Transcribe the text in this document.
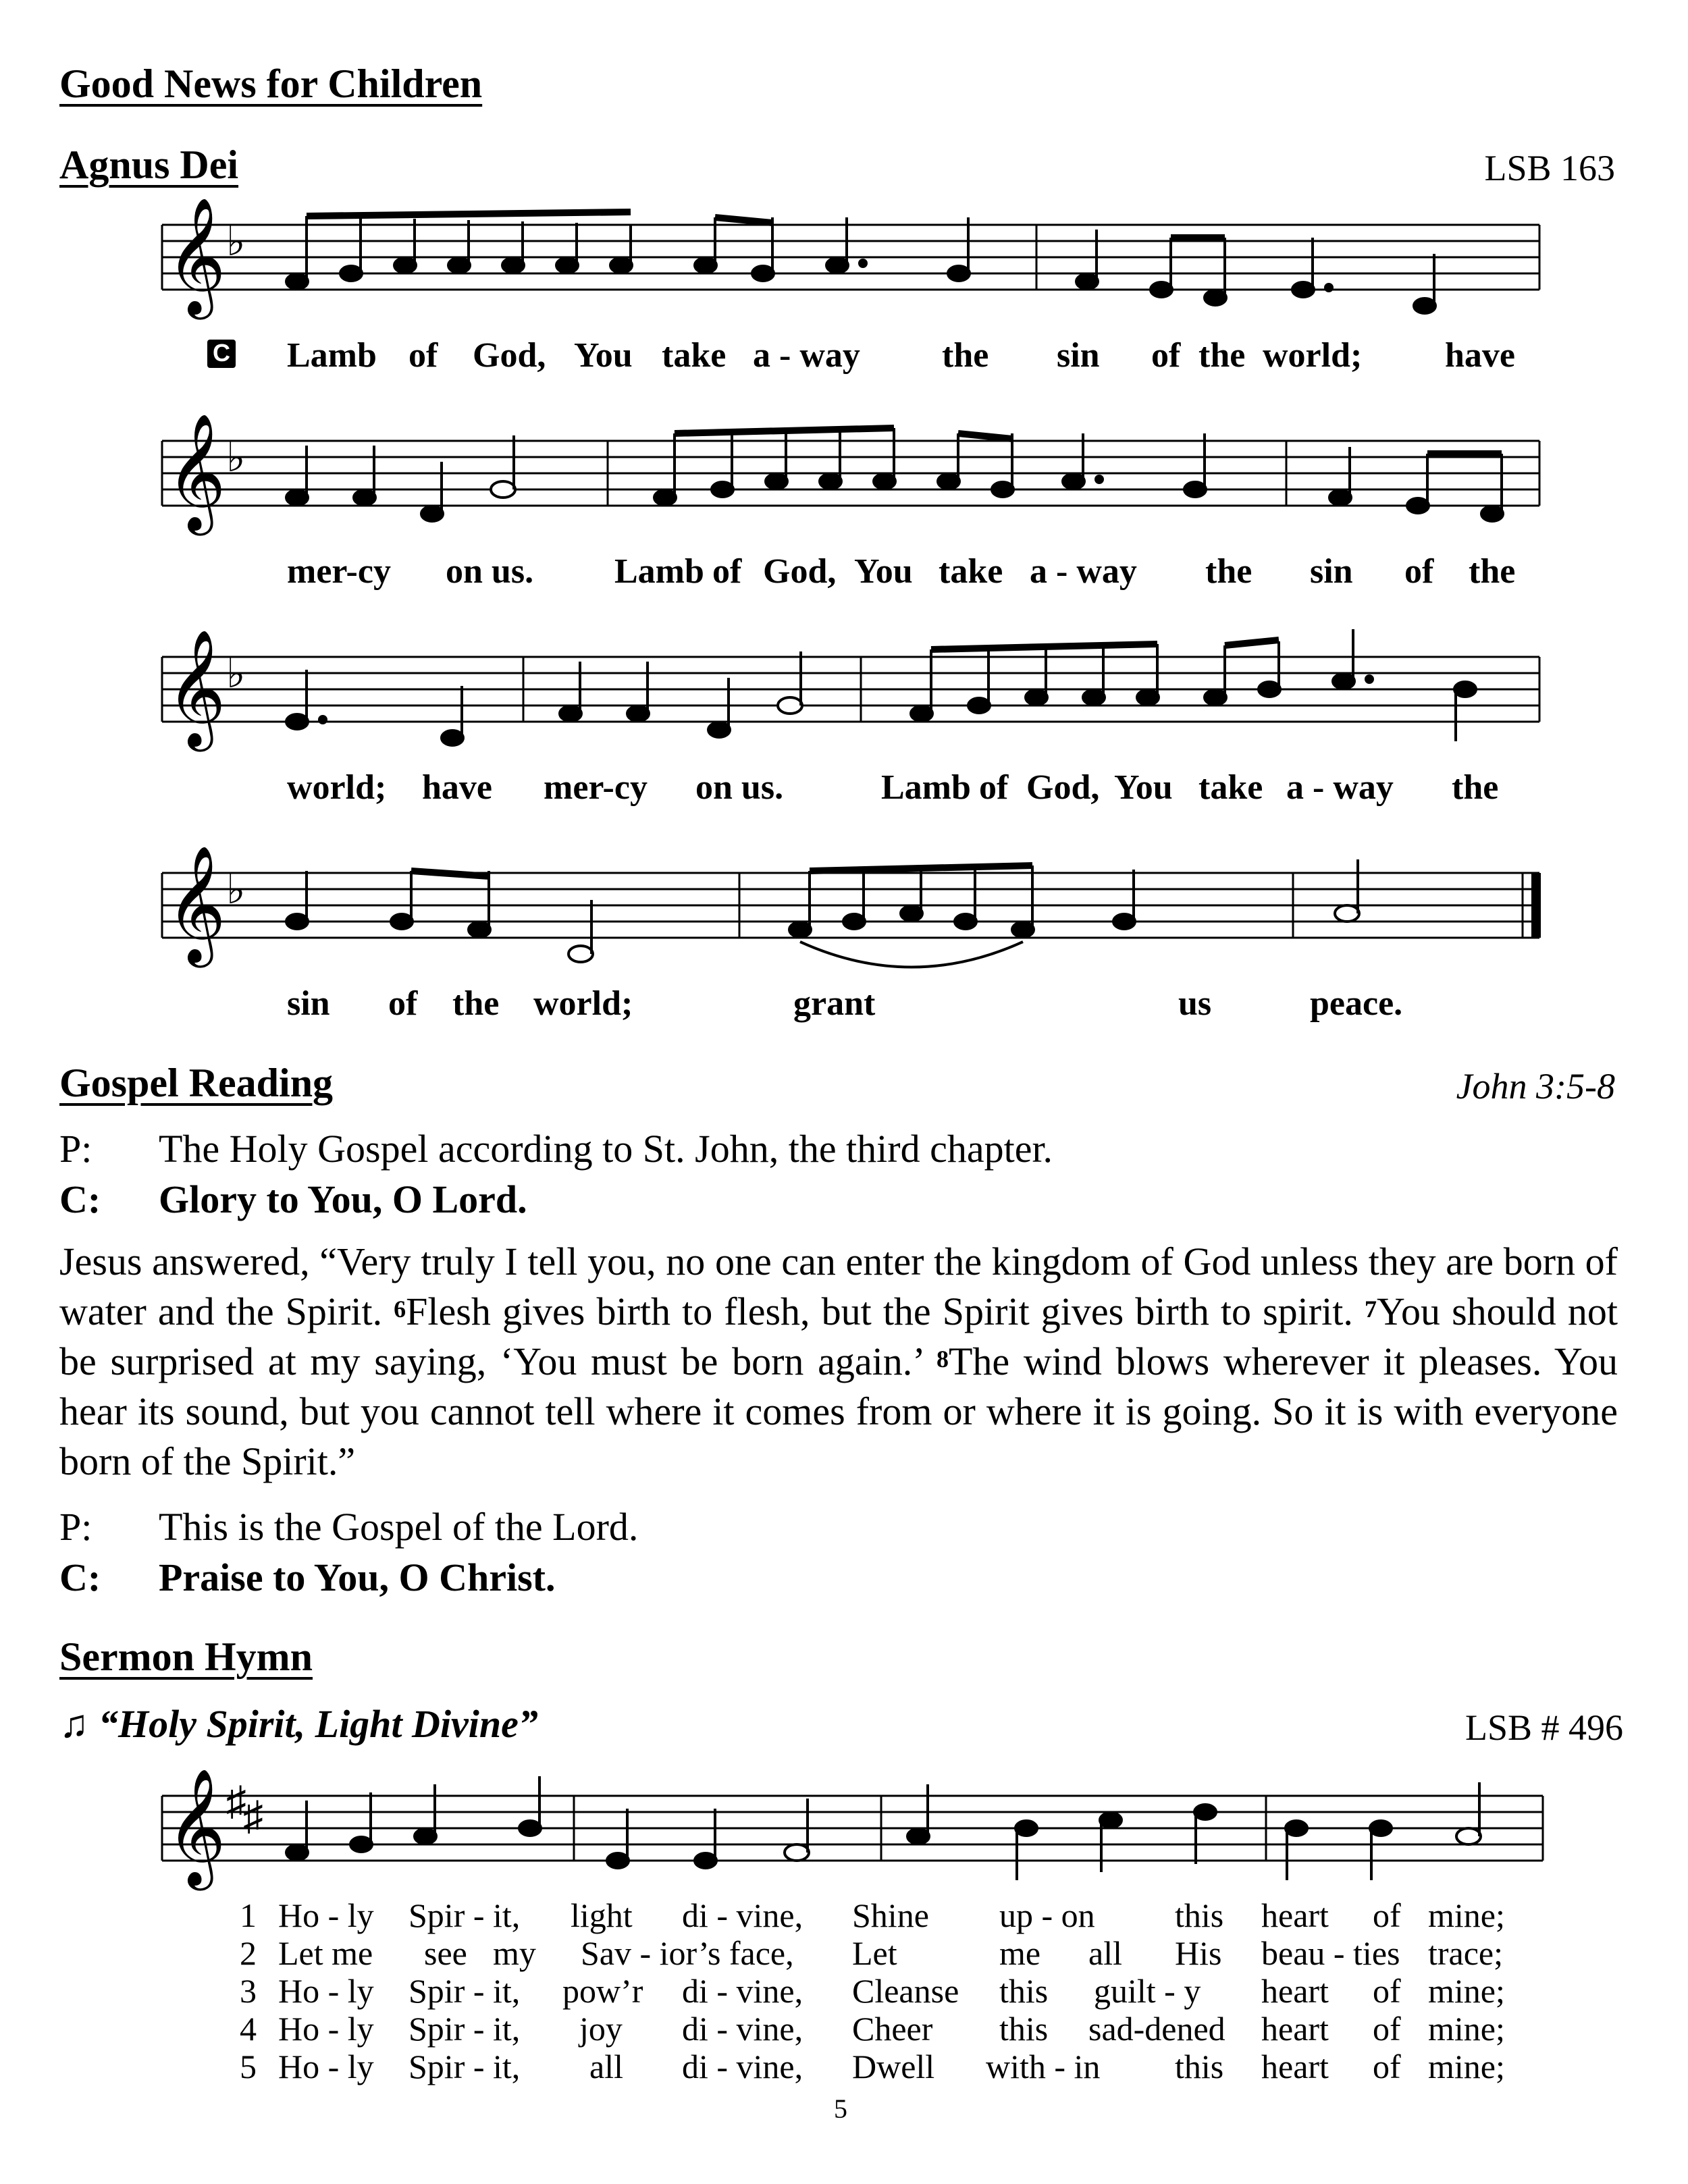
Good News for Children
Agnus Dei	LSB 163
𝄞
𝄞
𝄞
𝄞
𝄞
♭
♭
♭
♭
♯
♯
C Lamb of God, You take a - way the sin of the world; have
mer-cy on us. Lamb of God, You take a - way the sin of the
world; have mer-cy on us.	Lamb of God, You take a - way the
sin of the world;	grant	us	peace.
Gospel Reading	John 3:5-8
P: The Holy Gospel according to St. John, the third chapter.
C: Glory to You, O Lord.
Jesus answered, “Very truly I tell you, no one can enter the kingdom of God unless they are born of water and the Spirit. $^6$Flesh gives birth to flesh, but the Spirit gives birth to spirit. $^7$You should not be surprised at my saying, ‘You must be born again.’ $^8$The wind blows wherever it pleases. You hear its sound, but you cannot tell where it comes from or where it is going. So it is with everyone born of the Spirit.”
P: This is the Gospel of the Lord.
C: Praise to You, O Christ.
Sermon Hymn
♫ “Holy Spirit, Light Divine”	LSB # 496
1 Ho - ly Spir - it, light di - vine, Shine up - on this heart of mine;
2 Let me see my Sav - ior’s face, Let	me all His beau - ties trace;
3 Ho - ly Spir - it, pow’r di - vine, Cleanse this guilt - y heart of mine;
4 Ho - ly Spir - it, joy di - vine, Cheer this sad-dened heart of mine;
5 Ho - ly Spir - it, all di - vine, Dwell with - in this heart of mine;
5
